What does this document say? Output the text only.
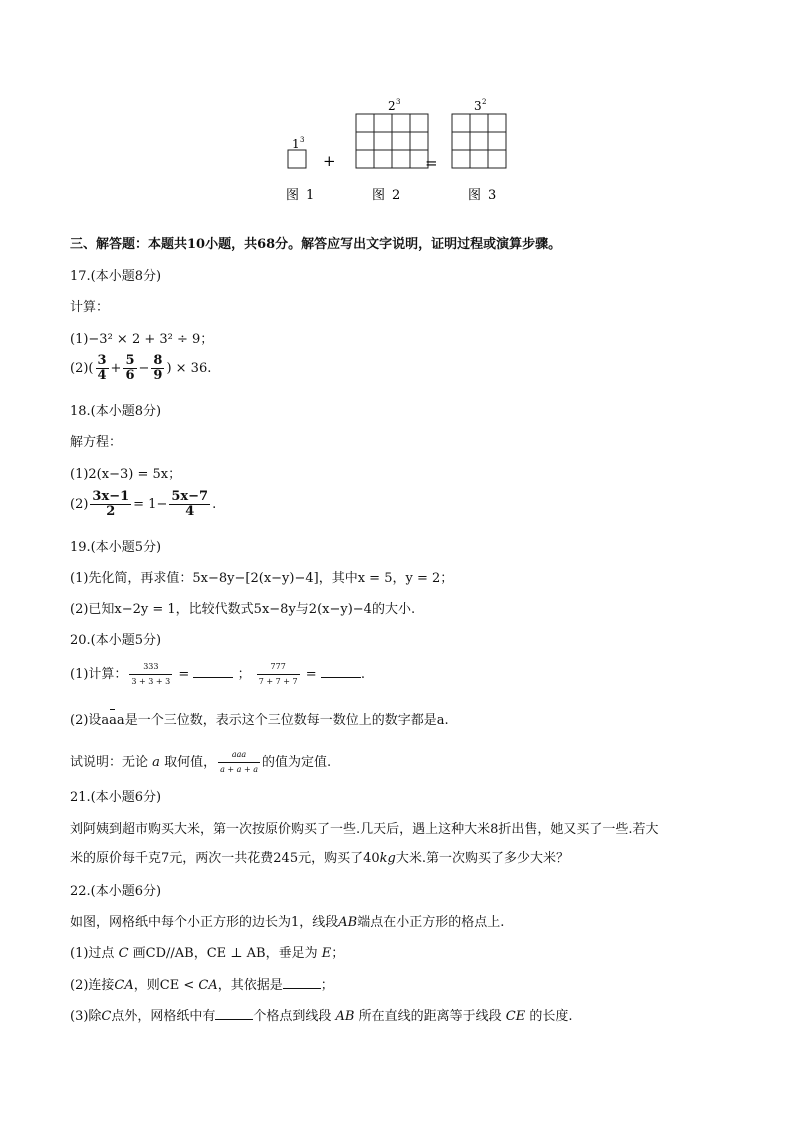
1 3
+
2 3
=
3 2
图 1	图 2	图 3
三、解答题：本题共10小题，共68分。解答应写出文字说明，证明过程或演算步骤。
17.(本小题8分)
计算：
(1)−3² × 2 + 3² ÷ 9；
$(2)( \frac{3}{4} + \frac{5}{6} - \frac{8}{9}$ ) × 36.
18.(本小题8分)
解方程：
(1)2(x−3) = 5x；
$(2) \frac{3x-1}{2} = 1- \frac{5x-7}{4}$ .
19.(本小题5分)
(1)先化简，再求值：5x−8y−[2(x−y)−4]，其中x = 5，y = 2；
(2)已知x−2y = 1，比较代数式5x−8y与2(x−y)−4的大小.
20.(本小题5分)
(1)计算： $\frac{333}{3 + 3 + 3}$ =	； $\frac{777}{7 + 7 + 7}$ =	.
(2)设aaa是一个三位数，表示这个三位数每一数位上的数字都是a.
试说明：无论 a 取何值， $\frac{\text{aaa}}{a + a + a}$ 的值为定值.
21.(本小题6分)
刘阿姨到超市购买大米，第一次按原价购买了一些.几天后，遇上这种大米8折出售，她又买了一些.若大
米的原价每千克7元，两次一共花费245元，购买了40kg大米.第一次购买了多少大米？
22.(本小题6分)
如图，网格纸中每个小正方形的边长为1，线段AB端点在小正方形的格点上.
(1)过点 C 画CD//AB，CE ⊥ AB，垂足为 E；
(2)连接CA，则CE < CA，其依据是	；
(3)除C点外，网格纸中有	个格点到线段 AB 所在直线的距离等于线段 CE 的长度.
